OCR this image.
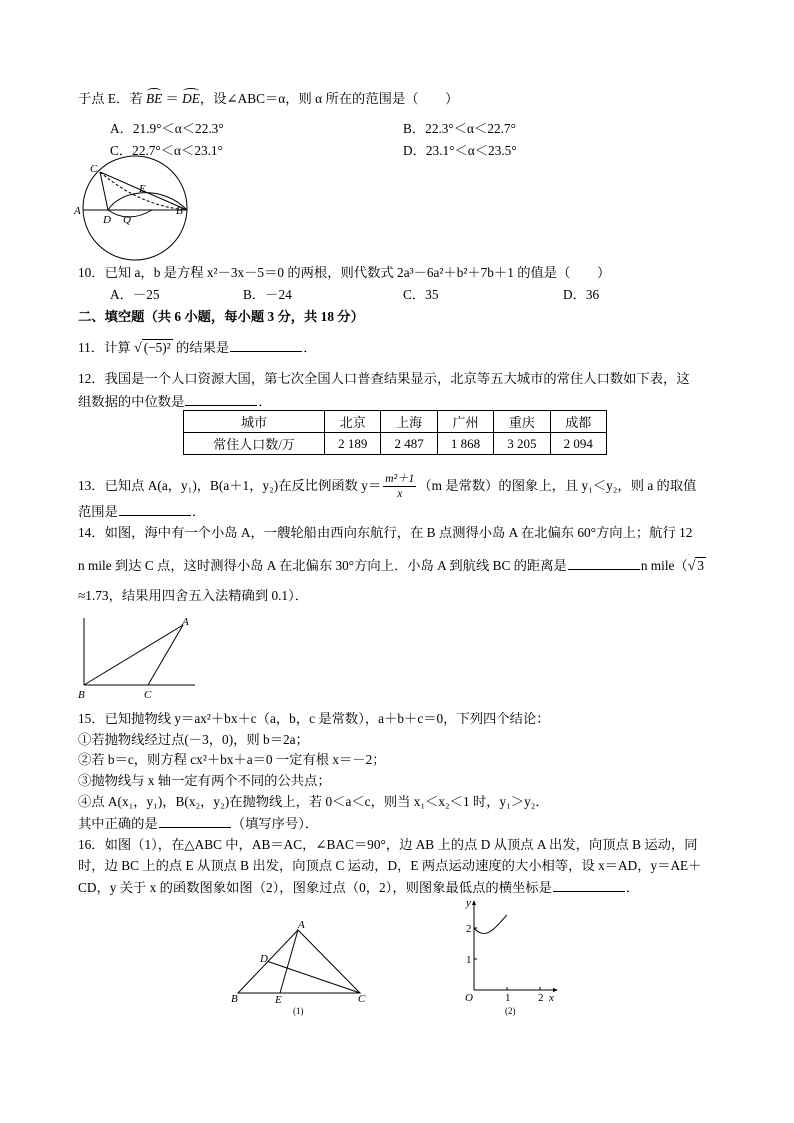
于点 E．若 BE ＝ DE，设∠ABC＝α，则 α 所在的范围是（　　）
A．21.9°＜α＜22.3°	B．22.3°＜α＜22.7°
C．22.7°＜α＜23.1°	D．23.1°＜α＜23.5°
C
E
A
D Q
B
10．已知 a，b 是方程 x²－3x－5＝0 的两根，则代数式 2a³－6a²＋b²＋7b＋1 的值是（　　）
A．－25	B．－24	C．35	D．36
二、填空题（共 6 小题，每小题 3 分，共 18 分）
11．计算 √ (−5)² 的结果是	．
12．我国是一个人口资源大国，第七次全国人口普查结果显示，北京等五大城市的常住人口数如下表，这
组数据的中位数是	．
城市	北京	上海	广州	重庆	成都
常住人口数/万	2 189	2 487	1 868	3 205	2 094
13．已知点 A(a，y₁)，B(a＋1，y₂)在反比例函数 $y= \frac{\text{m²＋1}}{x} (m$ 是常数）的图象上，且 y₁＜y₂，则 a 的取值
范围是	．
14．如图，海中有一个小岛 A，一艘轮船由西向东航行，在 B 点测得小岛 A 在北偏东 60°方向上；航行 12
n mile 到达 C 点，这时测得小岛 A 在北偏东 30°方向上．小岛 A 到航线 BC 的距离是	n mile（√ 3
≈1.73，结果用四舍五入法精确到 0.1）．
A
B	C
15．已知抛物线 y＝ax²＋bx＋c（a，b，c 是常数），a＋b＋c＝0，下列四个结论：
①若抛物线经过点(－3，0)，则 b＝2a；
②若 b＝c，则方程 cx²＋bx＋a＝0 一定有根 x＝－2；
③抛物线与 x 轴一定有两个不同的公共点；
④点 A(x₁，y₁)，B(x₂，y₂)在抛物线上，若 0＜a＜c，则当 x₁＜x₂＜1 时，y₁＞y₂．
其中正确的是	（填写序号）．
16．如图（1），在△ABC 中，AB＝AC，∠BAC＝90°，边 AB 上的点 D 从顶点 A 出发，向顶点 B 运动，同
时，边 BC 上的点 E 从顶点 B 出发，向顶点 C 运动，D，E 两点运动速度的大小相等，设 x＝AD，y＝AE＋
CD，y 关于 x 的函数图象如图（2），图象过点（0，2），则图象最低点的横坐标是	．
A
D
B	E	C
(1)
y
2
1
O	1	2 x
(2)
